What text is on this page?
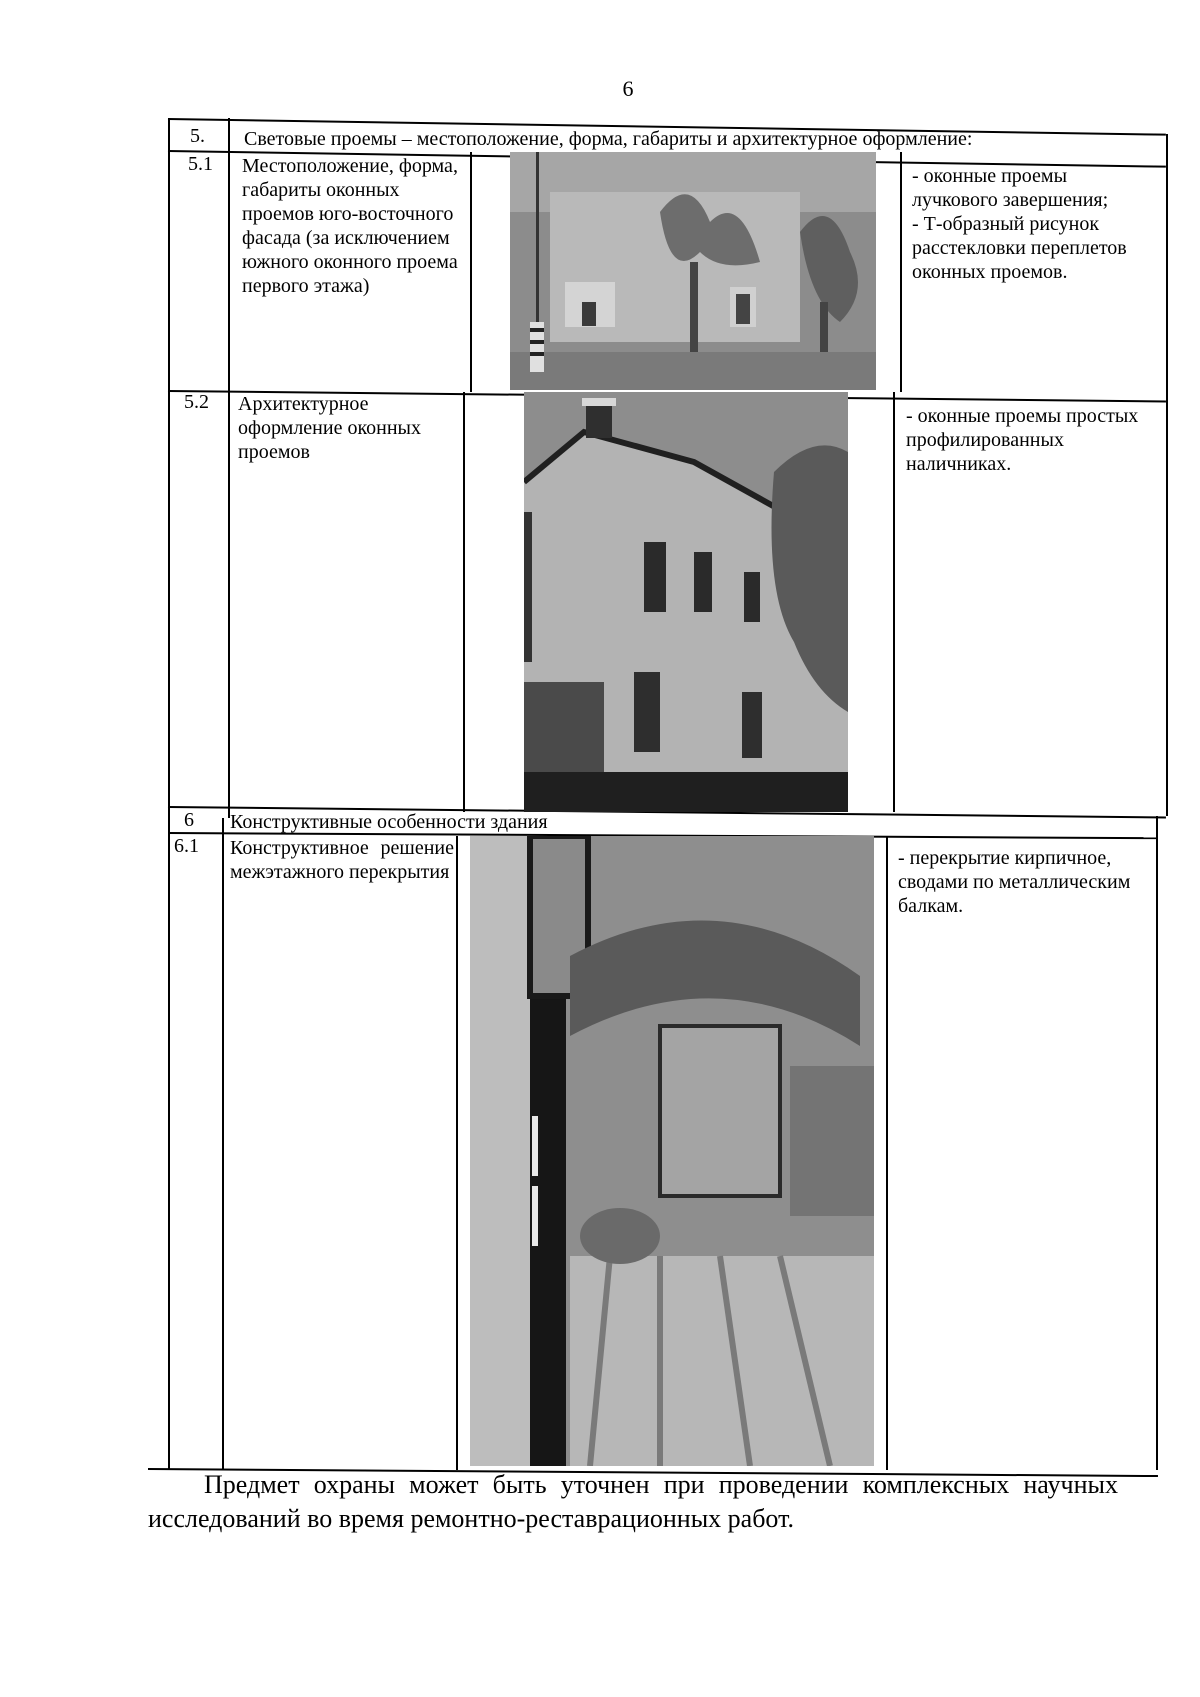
6
5. Световые проемы – местоположение, форма, габариты и архитектурное оформление:
5.1 Местоположение, форма, габариты оконных проемов юго-восточного фасада (за исключением южного оконного проема первого этажа)
- оконные проемы лучкового завершения;
- Т-образный рисунок расстекловки переплетов оконных проемов.
5.2 Архитектурное оформление оконных проемов
- оконные проемы простых профилированных наличниках.
6 Конструктивные особенности здания
6.1 Конструктивное решение межэтажного перекрытия
- перекрытие кирпичное, сводами по металлическим балкам.
Предмет охраны может быть уточнен при проведении комплексных научных исследований во время ремонтно-реставрационных работ.
